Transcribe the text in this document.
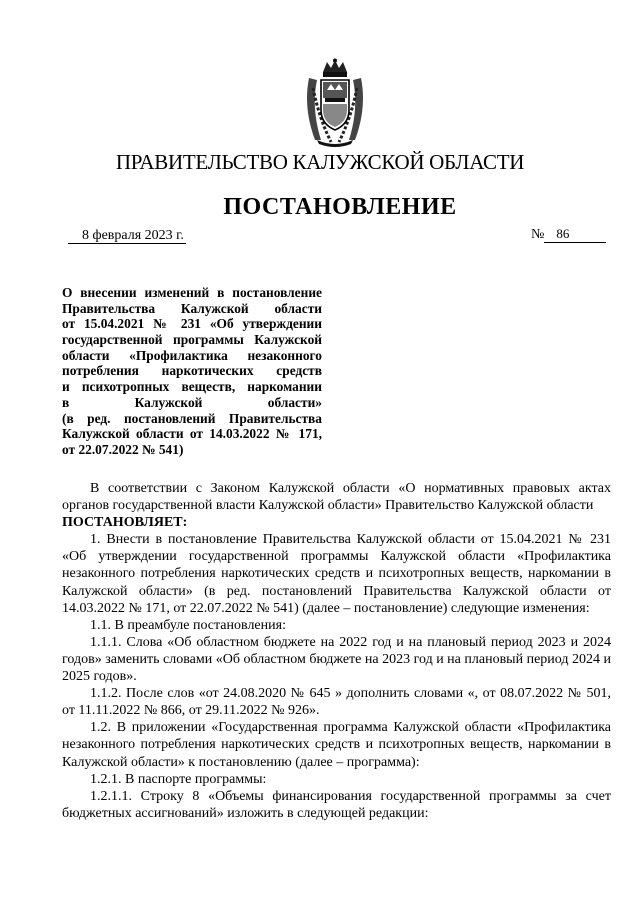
ПРАВИТЕЛЬСТВО КАЛУЖСКОЙ ОБЛАСТИ
ПОСТАНОВЛЕНИЕ
8 февраля 2023 г.	№ 86
О внесении изменений в постановление
Правительства Калужской области
от 15.04.2021 № 231 «Об утверждении
государственной программы Калужской
области «Профилактика незаконного
потребления наркотических средств
и психотропных веществ, наркомании
в	Калужской	области»
(в ред. постановлений Правительства
Калужской области от 14.03.2022 № 171,
от 22.07.2022 № 541)

В соответствии с Законом Калужской области «О нормативных правовых актах органов государственной власти Калужской области» Правительство Калужской области

ПОСТАНОВЛЯЕТ:

1. Внести в постановление Правительства Калужской области от 15.04.2021 № 231 «Об утверждении государственной программы Калужской области «Профилактика незаконного потребления наркотических средств и психотропных веществ, наркомании в Калужской области» (в ред. постановлений Правительства Калужской области от 14.03.2022 № 171, от 22.07.2022 № 541) (далее – постановление) следующие изменения:

1.1. В преамбуле постановления:

1.1.1. Слова «Об областном бюджете на 2022 год и на плановый период 2023 и 2024 годов» заменить словами «Об областном бюджете на 2023 год и на плановый период 2024 и 2025 годов».

1.1.2. После слов «от 24.08.2020 № 645 » дополнить словами «, от 08.07.2022 № 501, от 11.11.2022 № 866, от 29.11.2022 № 926».

1.2. В приложении «Государственная программа Калужской области «Профилактика незаконного потребления наркотических средств и психотропных веществ, наркомании в Калужской области» к постановлению (далее – программа):

1.2.1. В паспорте программы:

1.2.1.1. Строку 8 «Объемы финансирования государственной программы за счет бюджетных ассигнований» изложить в следующей редакции:
